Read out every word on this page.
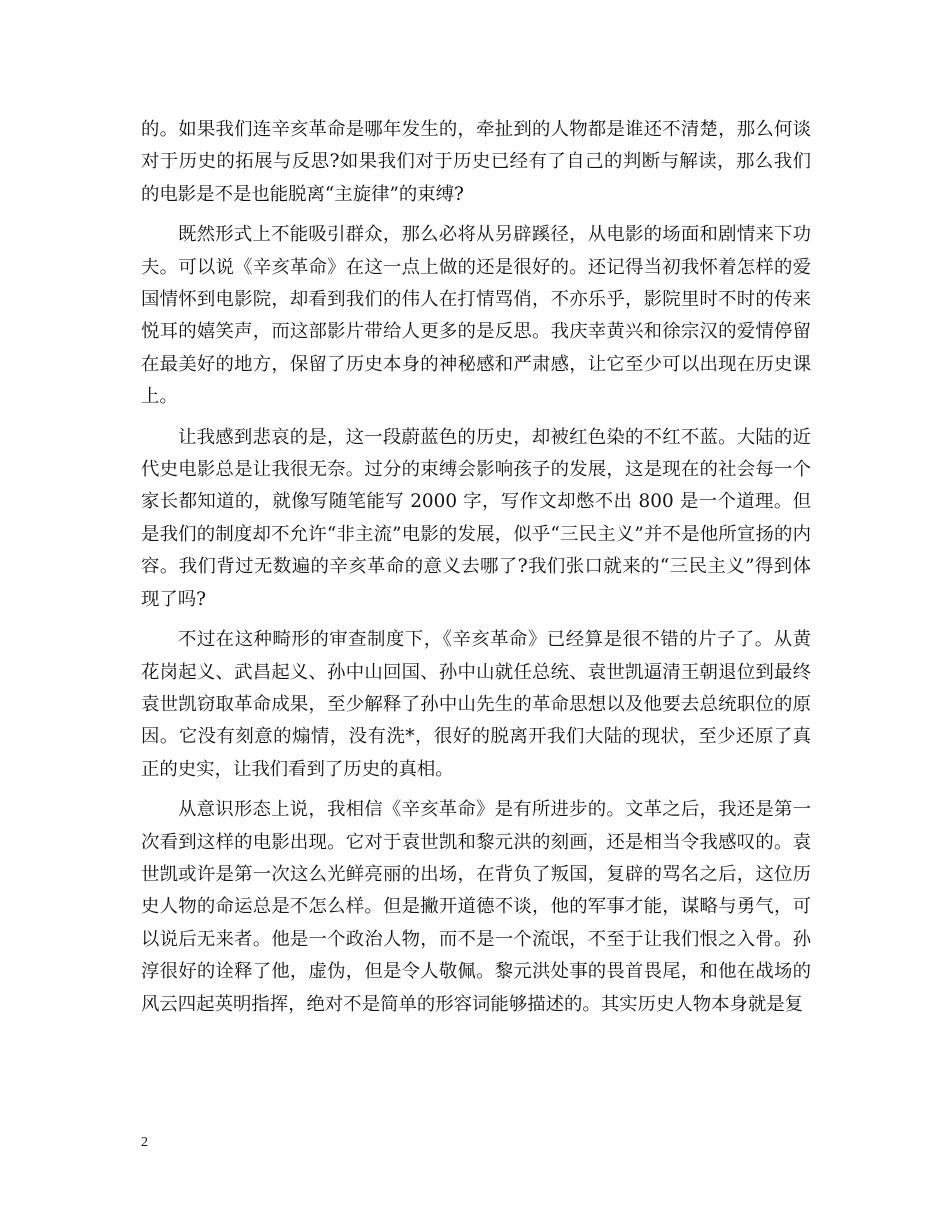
的。如果我们连辛亥革命是哪年发生的，牵扯到的人物都是谁还不清楚，那么何谈对于历史的拓展与反思?如果我们对于历史已经有了自己的判断与解读，那么我们的电影是不是也能脱离“主旋律”的束缚?

既然形式上不能吸引群众，那么必将从另辟蹊径，从电影的场面和剧情来下功夫。可以说《辛亥革命》在这一点上做的还是很好的。还记得当初我怀着怎样的爱国情怀到电影院，却看到我们的伟人在打情骂俏，不亦乐乎，影院里时不时的传来悦耳的嬉笑声，而这部影片带给人更多的是反思。我庆幸黄兴和徐宗汉的爱情停留在最美好的地方，保留了历史本身的神秘感和严肃感，让它至少可以出现在历史课上。

让我感到悲哀的是，这一段蔚蓝色的历史，却被红色染的不红不蓝。大陆的近代史电影总是让我很无奈。过分的束缚会影响孩子的发展，这是现在的社会每一个家长都知道的，就像写随笔能写 2000 字，写作文却憋不出 800 是一个道理。但是我们的制度却不允许“非主流”电影的发展，似乎“三民主义”并不是他所宣扬的内容。我们背过无数遍的辛亥革命的意义去哪了?我们张口就来的“三民主义”得到体现了吗?

不过在这种畸形的审查制度下，《辛亥革命》已经算是很不错的片子了。从黄花岗起义、武昌起义、孙中山回国、孙中山就任总统、袁世凯逼清王朝退位到最终袁世凯窃取革命成果，至少解释了孙中山先生的革命思想以及他要去总统职位的原因。它没有刻意的煽情，没有洗*，很好的脱离开我们大陆的现状，至少还原了真正的史实，让我们看到了历史的真相。

从意识形态上说，我相信《辛亥革命》是有所进步的。文革之后，我还是第一次看到这样的电影出现。它对于袁世凯和黎元洪的刻画，还是相当令我感叹的。袁世凯或许是第一次这么光鲜亮丽的出场，在背负了叛国，复辟的骂名之后，这位历史人物的命运总是不怎么样。但是撇开道德不谈，他的军事才能，谋略与勇气，可以说后无来者。他是一个政治人物，而不是一个流氓，不至于让我们恨之入骨。孙淳很好的诠释了他，虚伪，但是令人敬佩。黎元洪处事的畏首畏尾，和他在战场的风云四起英明指挥，绝对不是简单的形容词能够描述的。其实历史人物本身就是复

2
